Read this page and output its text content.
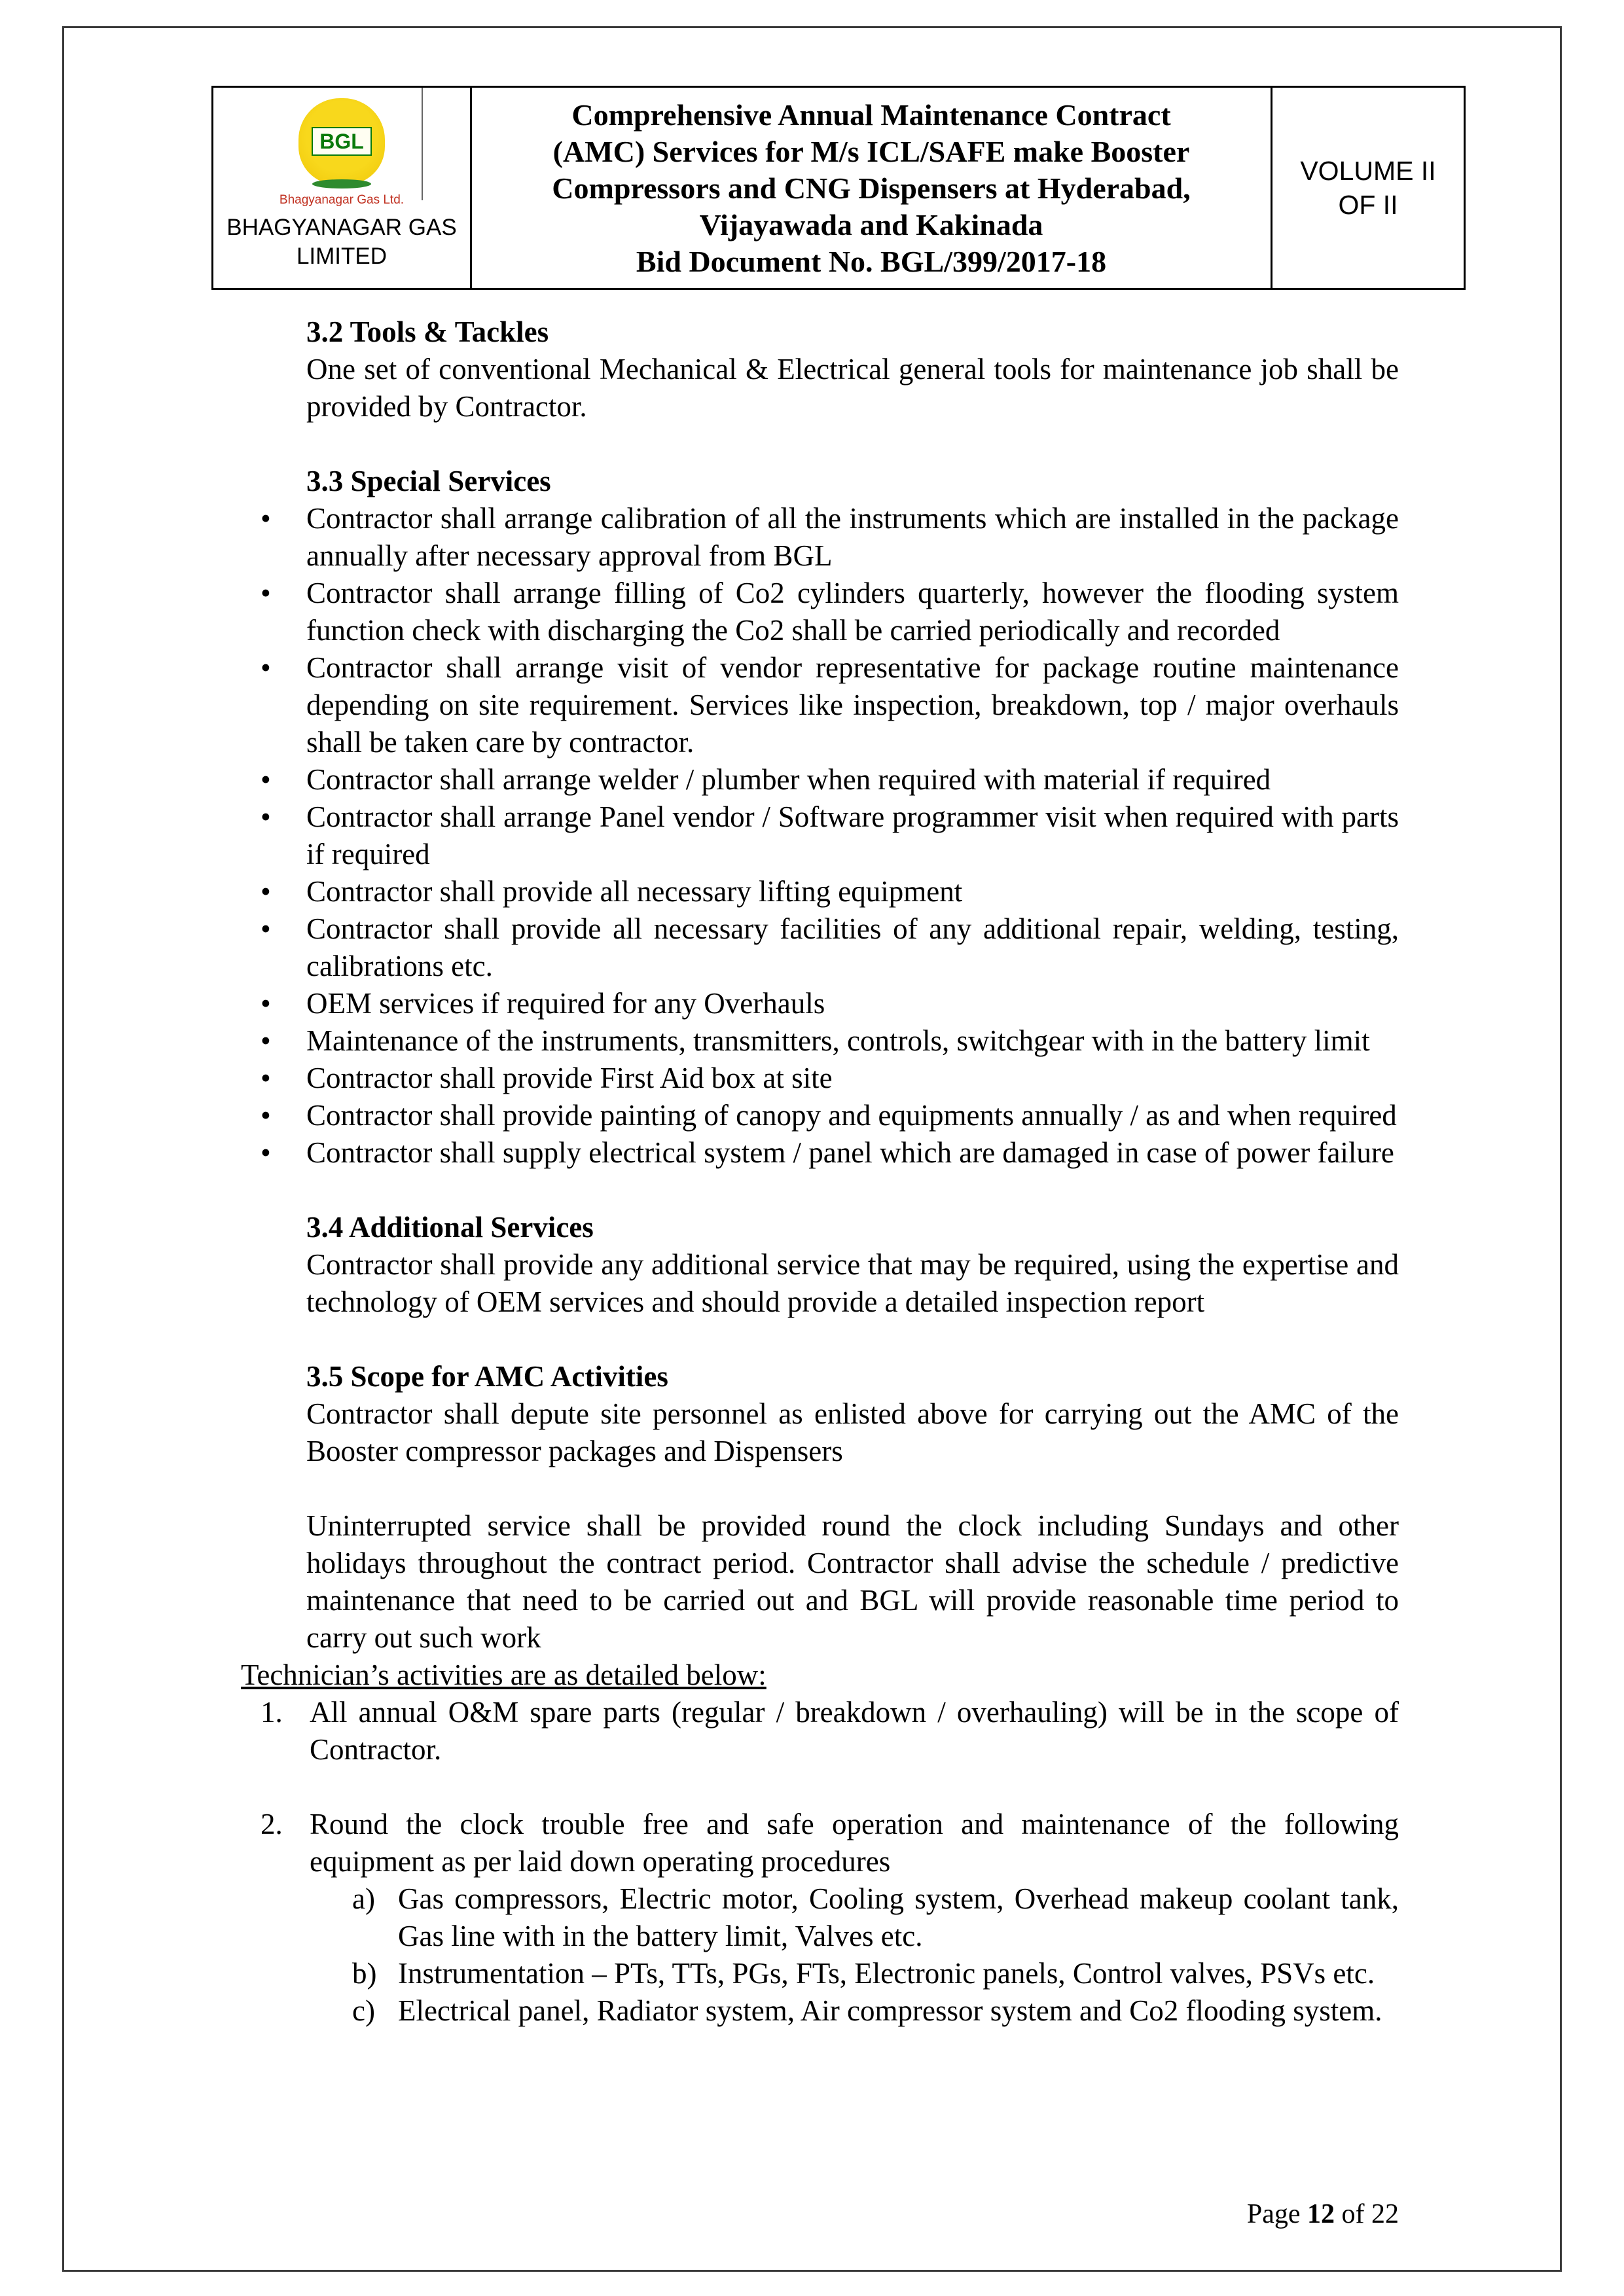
BGL
Bhagyanagar Gas Ltd.
BHAGYANAGAR GAS LIMITED
Comprehensive Annual Maintenance Contract
(AMC) Services for M/s ICL/SAFE make Booster
Compressors and CNG Dispensers at Hyderabad,
Vijayawada and Kakinada
Bid Document No. BGL/399/2017-18
VOLUME II
OF II
3.2 Tools & Tackles

One set of conventional Mechanical & Electrical general tools for maintenance job shall be provided by Contractor.

3.3 Special Services
• Contractor shall arrange calibration of all the instruments which are installed in the package annually after necessary approval from BGL
• Contractor shall arrange filling of Co2 cylinders quarterly, however the flooding system function check with discharging the Co2 shall be carried periodically and recorded
• Contractor shall arrange visit of vendor representative for package routine maintenance depending on site requirement. Services like inspection, breakdown, top / major overhauls shall be taken care by contractor.
• Contractor shall arrange welder / plumber when required with material if required
• Contractor shall arrange Panel vendor / Software programmer visit when required with parts if required
• Contractor shall provide all necessary lifting equipment
• Contractor shall provide all necessary facilities of any additional repair, welding, testing, calibrations etc.
• OEM services if required for any Overhauls
• Maintenance of the instruments, transmitters, controls, switchgear with in the battery limit
• Contractor shall provide First Aid box at site
• Contractor shall provide painting of canopy and equipments annually / as and when required
• Contractor shall supply electrical system / panel which are damaged in case of power failure
3.4 Additional Services

Contractor shall provide any additional service that may be required, using the expertise and technology of OEM services and should provide a detailed inspection report

3.5 Scope for AMC Activities

Contractor shall depute site personnel as enlisted above for carrying out the AMC of the Booster compressor packages and Dispensers

Uninterrupted service shall be provided round the clock including Sundays and other holidays throughout the contract period. Contractor shall advise the schedule / predictive maintenance that need to be carried out and BGL will provide reasonable time period to carry out such work

Technician’s activities are as detailed below:

1. All annual O&M spare parts (regular / breakdown / overhauling) will be in the scope of Contractor.
2. Round the clock trouble free and safe operation and maintenance of the following equipment as per laid down operating procedures
a) Gas compressors, Electric motor, Cooling system, Overhead makeup coolant tank, Gas line with in the battery limit, Valves etc.
b) Instrumentation – PTs, TTs, PGs, FTs, Electronic panels, Control valves, PSVs etc.
c) Electrical panel, Radiator system, Air compressor system and Co2 flooding system.
Page 12 of 22
